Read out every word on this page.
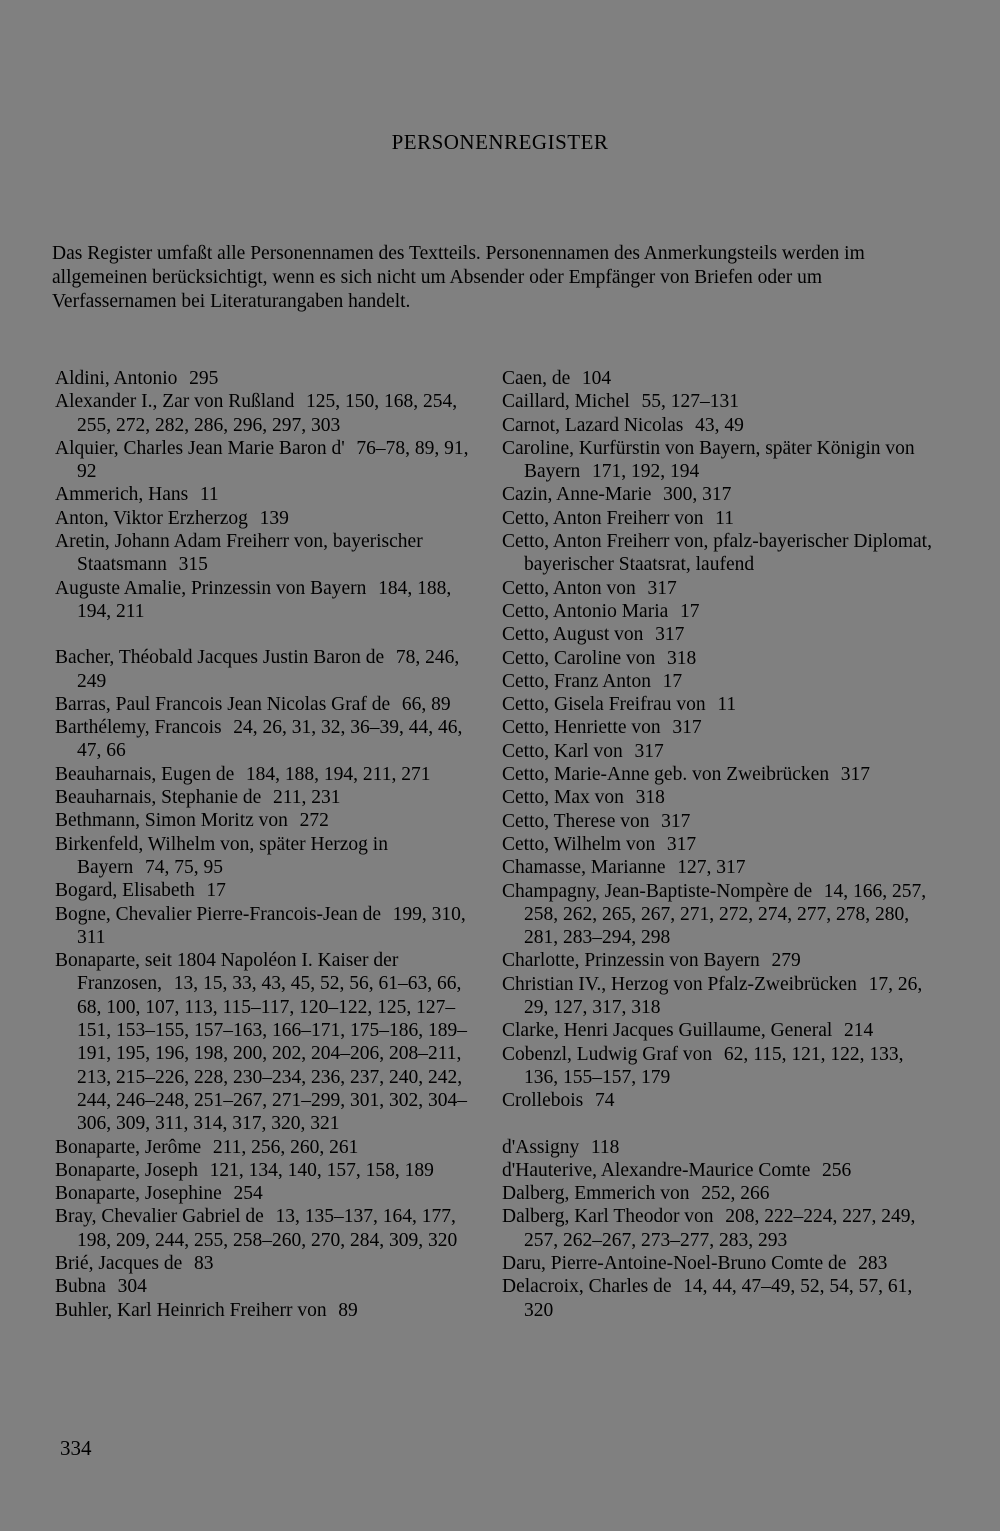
PERSONENREGISTER
Das Register umfaßt alle Personennamen des Textteils. Personennamen des Anmerkungsteils werden im allgemeinen berücksichtigt, wenn es sich nicht um Absender oder Empfänger von Briefen oder um Verfassernamen bei Literaturangaben handelt.
Aldini, Antonio 295
Alexander I., Zar von Rußland 125, 150, 168, 254, 255, 272, 282, 286, 296, 297, 303
Alquier, Charles Jean Marie Baron d' 76–78, 89, 91, 92
Ammerich, Hans 11
Anton, Viktor Erzherzog 139
Aretin, Johann Adam Freiherr von, bayerischer Staatsmann 315
Auguste Amalie, Prinzessin von Bayern 184, 188, 194, 211
Bacher, Théobald Jacques Justin Baron de 78, 246, 249
Barras, Paul Francois Jean Nicolas Graf de 66, 89
Barthélemy, Francois 24, 26, 31, 32, 36–39, 44, 46, 47, 66
Beauharnais, Eugen de 184, 188, 194, 211, 271
Beauharnais, Stephanie de 211, 231
Bethmann, Simon Moritz von 272
Birkenfeld, Wilhelm von, später Herzog in Bayern 74, 75, 95
Bogard, Elisabeth 17
Bogne, Chevalier Pierre-Francois-Jean de 199, 310, 311
Bonaparte, seit 1804 Napoléon I. Kaiser der Franzosen, 13, 15, 33, 43, 45, 52, 56, 61–63, 66, 68, 100, 107, 113, 115–117, 120–122, 125, 127–151, 153–155, 157–163, 166–171, 175–186, 189–191, 195, 196, 198, 200, 202, 204–206, 208–211, 213, 215–226, 228, 230–234, 236, 237, 240, 242, 244, 246–248, 251–267, 271–299, 301, 302, 304–306, 309, 311, 314, 317, 320, 321
Bonaparte, Jerôme 211, 256, 260, 261
Bonaparte, Joseph 121, 134, 140, 157, 158, 189
Bonaparte, Josephine 254
Bray, Chevalier Gabriel de 13, 135–137, 164, 177, 198, 209, 244, 255, 258–260, 270, 284, 309, 320
Brié, Jacques de 83
Bubna 304
Buhler, Karl Heinrich Freiherr von 89
Caen, de 104
Caillard, Michel 55, 127–131
Carnot, Lazard Nicolas 43, 49
Caroline, Kurfürstin von Bayern, später Königin von Bayern 171, 192, 194
Cazin, Anne-Marie 300, 317
Cetto, Anton Freiherr von 11
Cetto, Anton Freiherr von, pfalz-bayerischer Diplomat, bayerischer Staatsrat, laufend
Cetto, Anton von 317
Cetto, Antonio Maria 17
Cetto, August von 317
Cetto, Caroline von 318
Cetto, Franz Anton 17
Cetto, Gisela Freifrau von 11
Cetto, Henriette von 317
Cetto, Karl von 317
Cetto, Marie-Anne geb. von Zweibrücken 317
Cetto, Max von 318
Cetto, Therese von 317
Cetto, Wilhelm von 317
Chamasse, Marianne 127, 317
Champagny, Jean-Baptiste-Nompère de 14, 166, 257, 258, 262, 265, 267, 271, 272, 274, 277, 278, 280, 281, 283–294, 298
Charlotte, Prinzessin von Bayern 279
Christian IV., Herzog von Pfalz-Zweibrücken 17, 26, 29, 127, 317, 318
Clarke, Henri Jacques Guillaume, General 214
Cobenzl, Ludwig Graf von 62, 115, 121, 122, 133, 136, 155–157, 179
Crollebois 74
d'Assigny 118
d'Hauterive, Alexandre-Maurice Comte 256
Dalberg, Emmerich von 252, 266
Dalberg, Karl Theodor von 208, 222–224, 227, 249, 257, 262–267, 273–277, 283, 293
Daru, Pierre-Antoine-Noel-Bruno Comte de 283
Delacroix, Charles de 14, 44, 47–49, 52, 54, 57, 61, 320
334
